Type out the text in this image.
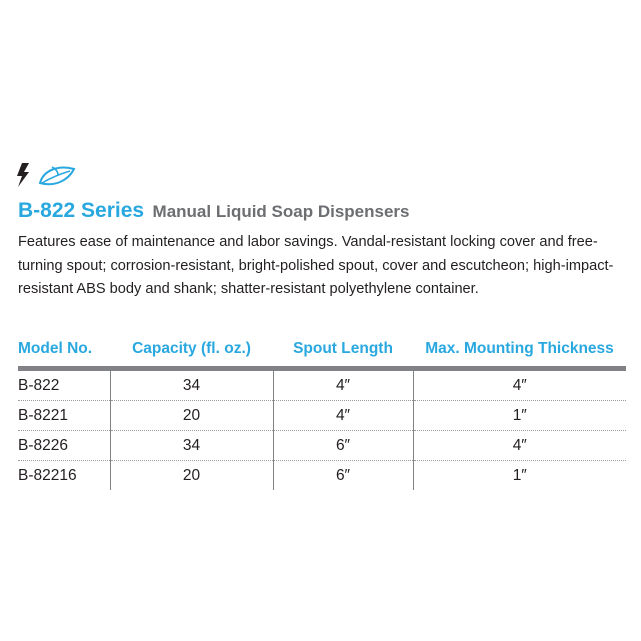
B-822 Series Manual Liquid Soap Dispensers
Features ease of maintenance and labor savings. Vandal-resistant locking cover and free-turning spout; corrosion-resistant, bright-polished spout, cover and escutcheon; high-impact-resistant ABS body and shank; shatter-resistant polyethylene container.
Model No.	Capacity (fl. oz.)	Spout Length	Max. Mounting Thickness
B-822	34	4″	4″
B-8221	20	4″	1″
B-8226	34	6″	4″
B-82216	20	6″	1″
